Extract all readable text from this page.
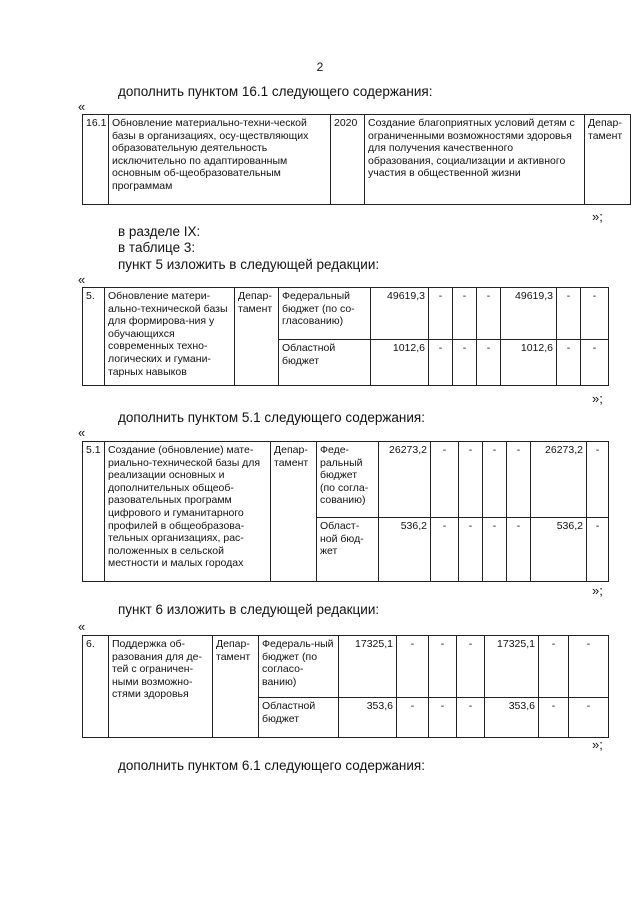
2
дополнить пунктом 16.1 следующего содержания:
«
16.1	Обновление материально-техни-ческой базы в организациях, осу-ществляющих образовательную деятельность исключительно по адаптированным основным об-щеобразовательным программам	2020	Создание благоприятных условий детям с ограниченными возможностями здоровья для получения качественного образования, социализации и активного участия в общественной жизни	Депар-тамент
»;
в разделе IX:
в таблице 3:
пункт 5 изложить в следующей редакции:
«
5.	Обновление матери-ально-технической базы для формирова-ния у обучающихся современных техно-логических и гумани-тарных навыков	Депар-тамент	Федеральный бюджет (по со-гласованию)	49619,3	-	-	-	49619,3	-	-
			Областной бюджет	1012,6	-	-	-	1012,6	-	-
»;
дополнить пунктом 5.1 следующего содержания:
«
5.1	Создание (обновление) мате-риально-технической базы для реализации основных и дополнительных общеоб-разовательных программ цифрового и гуманитарного профилей в общеобразова-тельных организациях, рас-положенных в сельской местности и малых городах	Депар-тамент	Феде-ральный бюджет (по согла-сованию)	26273,2	-	-	-	-	26273,2	-
			Област-ной бюд-жет	536,2	-	-	-	-	536,2	-
»;
пункт 6 изложить в следующей редакции:
«
6.	Поддержка об-разования для де-тей с ограничен-ными возможно-стями здоровья	Депар-тамент	Федераль-ный бюджет (по согласо-ванию)	17325,1	-	-	-	17325,1	-	-
			Областной бюджет	353,6	-	-	-	353,6	-	-
»;
дополнить пунктом 6.1 следующего содержания:
